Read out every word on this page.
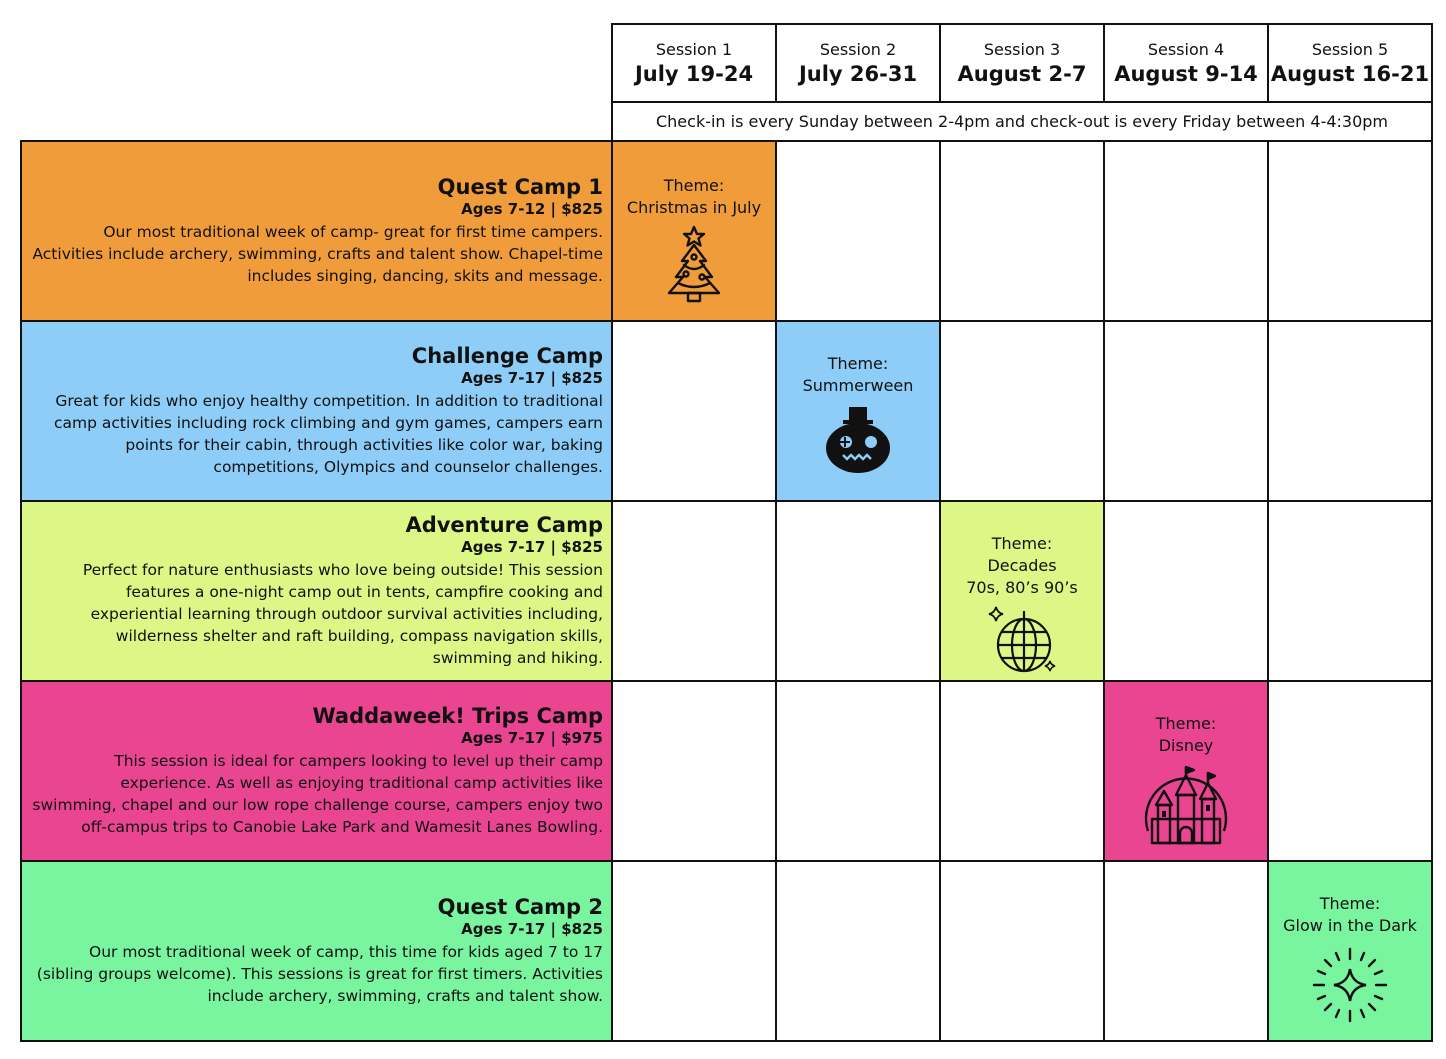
Session 1
July 19-24
Session 2
July 26-31
Session 3
August 2-7
Session 4
August 9-14
Session 5
August 16-21
Check-in is every Sunday between 2-4pm and check-out is every Friday between 4-4:30pm
Quest Camp 1
Ages 7-12 | $825
Our most traditional week of camp- great for first time campers. Activities include archery, swimming, crafts and talent show. Chapel-time includes singing, dancing, skits and message.
Theme:
Christmas in July
Challenge Camp
Ages 7-17 | $825
Great for kids who enjoy healthy competition. In addition to traditional camp activities including rock climbing and gym games, campers earn points for their cabin, through activities like color war, baking competitions, Olympics and counselor challenges.
Theme:
Summerween
Adventure Camp
Ages 7-17 | $825
Perfect for nature enthusiasts who love being outside! This session features a one-night camp out in tents, campfire cooking and experiential learning through outdoor survival activities including, wilderness shelter and raft building, compass navigation skills, swimming and hiking.
Theme:
Decades
70s, 80’s 90’s
Waddaweek! Trips Camp
Ages 7-17 | $975
This session is ideal for campers looking to level up their camp experience. As well as enjoying traditional camp activities like swimming, chapel and our low rope challenge course, campers enjoy two off-campus trips to Canobie Lake Park and Wamesit Lanes Bowling.
Theme:
Disney
Quest Camp 2
Ages 7-17 | $825
Our most traditional week of camp, this time for kids aged 7 to 17 (sibling groups welcome). This sessions is great for first timers. Activities include archery, swimming, crafts and talent show.
Theme:
Glow in the Dark
